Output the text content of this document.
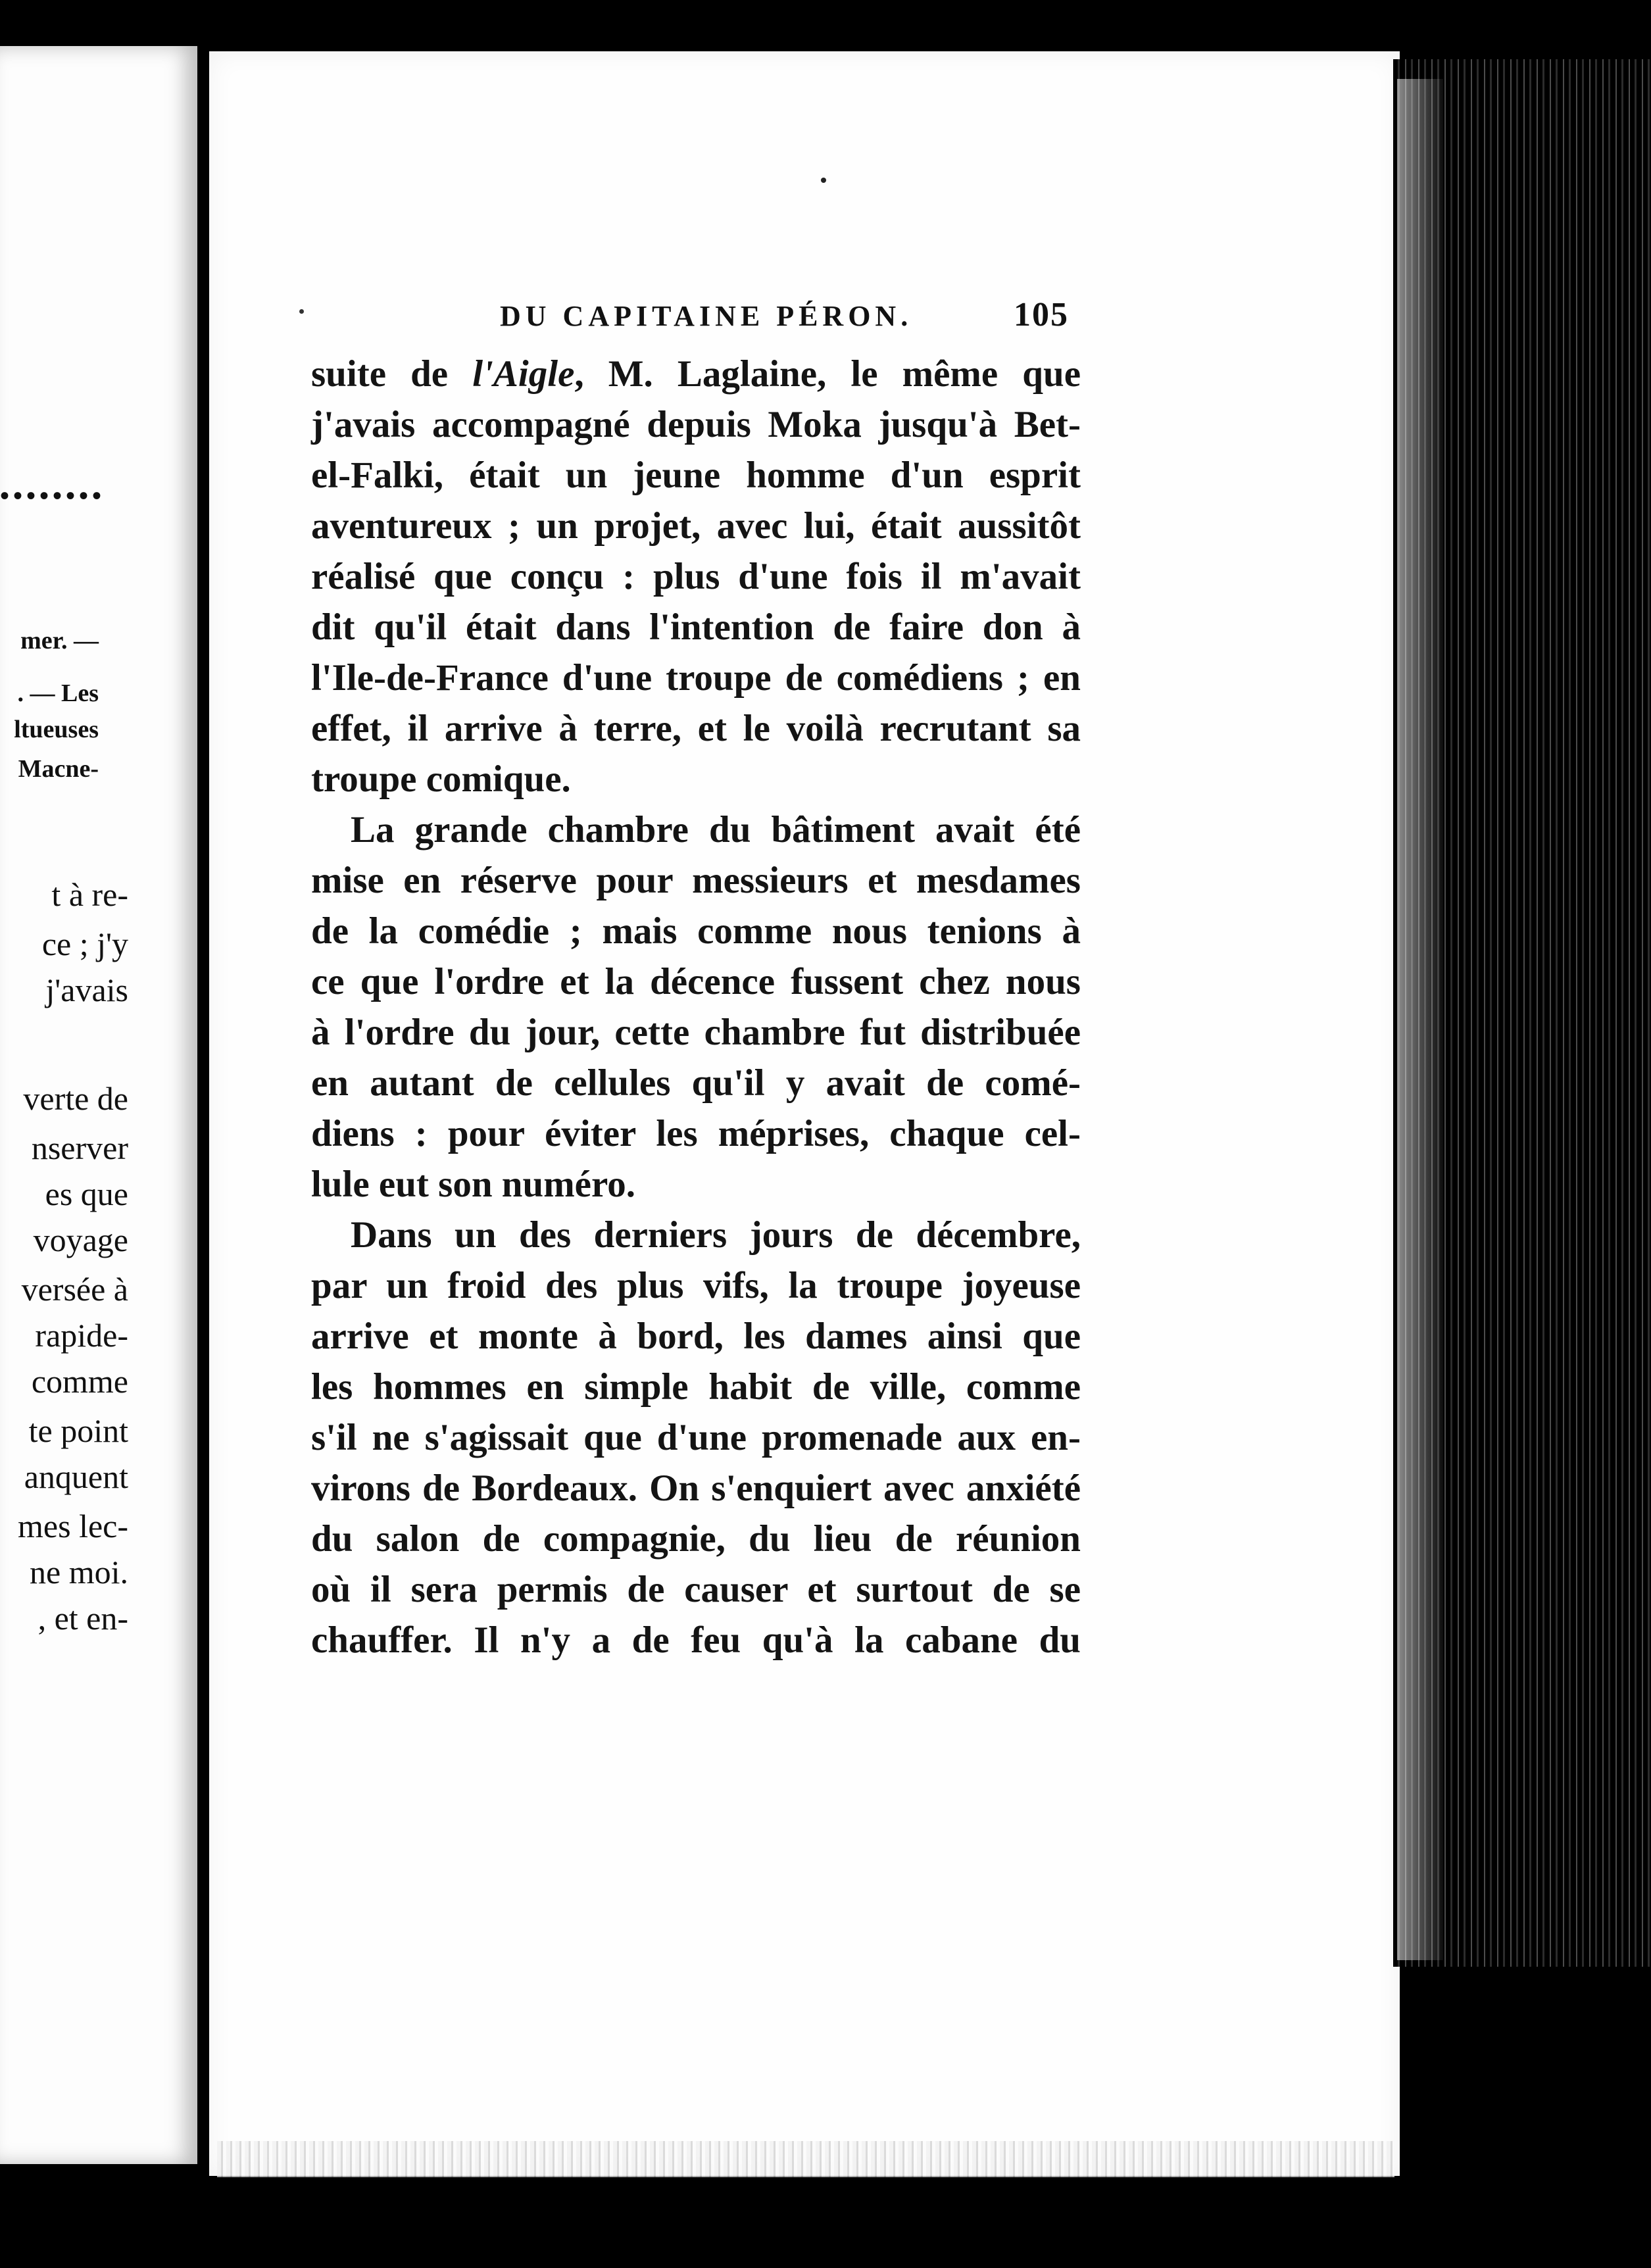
••••••••
mer. —
. — Les
ltueuses
Macne-
t à re-
ce ; j'y
j'avais
verte de
nserver
es que
voyage
versée à
rapide-
comme
te point
anquent
mes lec-
ne moi.
, et en-
DU CAPITAINE PÉRON.	105
suite de l'Aigle, M. Laglaine, le même que
j'avais accompagné depuis Moka jusqu'à Bet-
el-Falki, était un jeune homme d'un esprit
aventureux ; un projet, avec lui, était aussitôt
réalisé que conçu : plus d'une fois il m'avait
dit qu'il était dans l'intention de faire don à
l'Ile-de-France d'une troupe de comédiens ; en
effet, il arrive à terre, et le voilà recrutant sa
troupe comique.
La grande chambre du bâtiment avait été
mise en réserve pour messieurs et mesdames
de la comédie ; mais comme nous tenions à
ce que l'ordre et la décence fussent chez nous
à l'ordre du jour, cette chambre fut distribuée
en autant de cellules qu'il y avait de comé-
diens : pour éviter les méprises, chaque cel-
lule eut son numéro.
Dans un des derniers jours de décembre,
par un froid des plus vifs, la troupe joyeuse
arrive et monte à bord, les dames ainsi que
les hommes en simple habit de ville, comme
s'il ne s'agissait que d'une promenade aux en-
virons de Bordeaux. On s'enquiert avec anxiété
du salon de compagnie, du lieu de réunion
où il sera permis de causer et surtout de se
chauffer. Il n'y a de feu qu'à la cabane du
